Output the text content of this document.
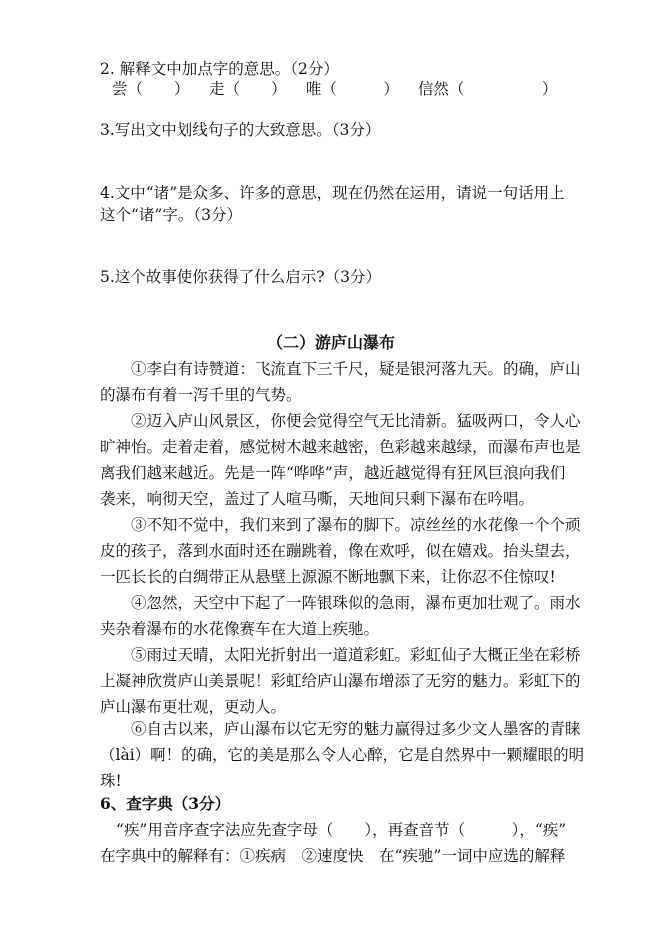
2. 解释文中加点字的意思。（2分）
尝（　　） 走（　　） 唯（　　　） 信然（　　　　　）
3.写出文中划线句子的大致意思。（3分）
4.文中“诸”是众多、许多的意思，现在仍然在运用，请说一句话用上
这个“诸”字。（3分）
5.这个故事使你获得了什么启示?（3分）
（二）游庐山瀑布
①李白有诗赞道：飞流直下三千尺，疑是银河落九天。的确，庐山
的瀑布有着一泻千里的气势。
②迈入庐山风景区，你便会觉得空气无比清新。猛吸两口，令人心
旷神怡。走着走着，感觉树木越来越密，色彩越来越绿，而瀑布声也是
离我们越来越近。先是一阵“哗哗”声，越近越觉得有狂风巨浪向我们
袭来，响彻天空，盖过了人喧马嘶，天地间只剩下瀑布在吟唱。
③不知不觉中，我们来到了瀑布的脚下。凉丝丝的水花像一个个顽
皮的孩子，落到水面时还在蹦跳着，像在欢呼，似在嬉戏。抬头望去，
一匹长长的白绸带正从悬壁上源源不断地飘下来，让你忍不住惊叹!
④忽然，天空中下起了一阵银珠似的急雨，瀑布更加壮观了。雨水
夹杂着瀑布的水花像赛车在大道上疾驰。
⑤雨过天晴，太阳光折射出一道道彩虹。彩虹仙子大概正坐在彩桥
上凝神欣赏庐山美景呢！彩虹给庐山瀑布增添了无穷的魅力。彩虹下的
庐山瀑布更壮观，更动人。
⑥自古以来，庐山瀑布以它无穷的魅力赢得过多少文人墨客的青睐
（lài）啊！的确，它的美是那么令人心醉，它是自然界中一颗耀眼的明
珠!
6、查字典（3分）
“疾”用音序查字法应先查字母（　　），再查音节（　　　），“疾”
在字典中的解释有：①疾病　②速度快　在“疾驰”一词中应选的解释
